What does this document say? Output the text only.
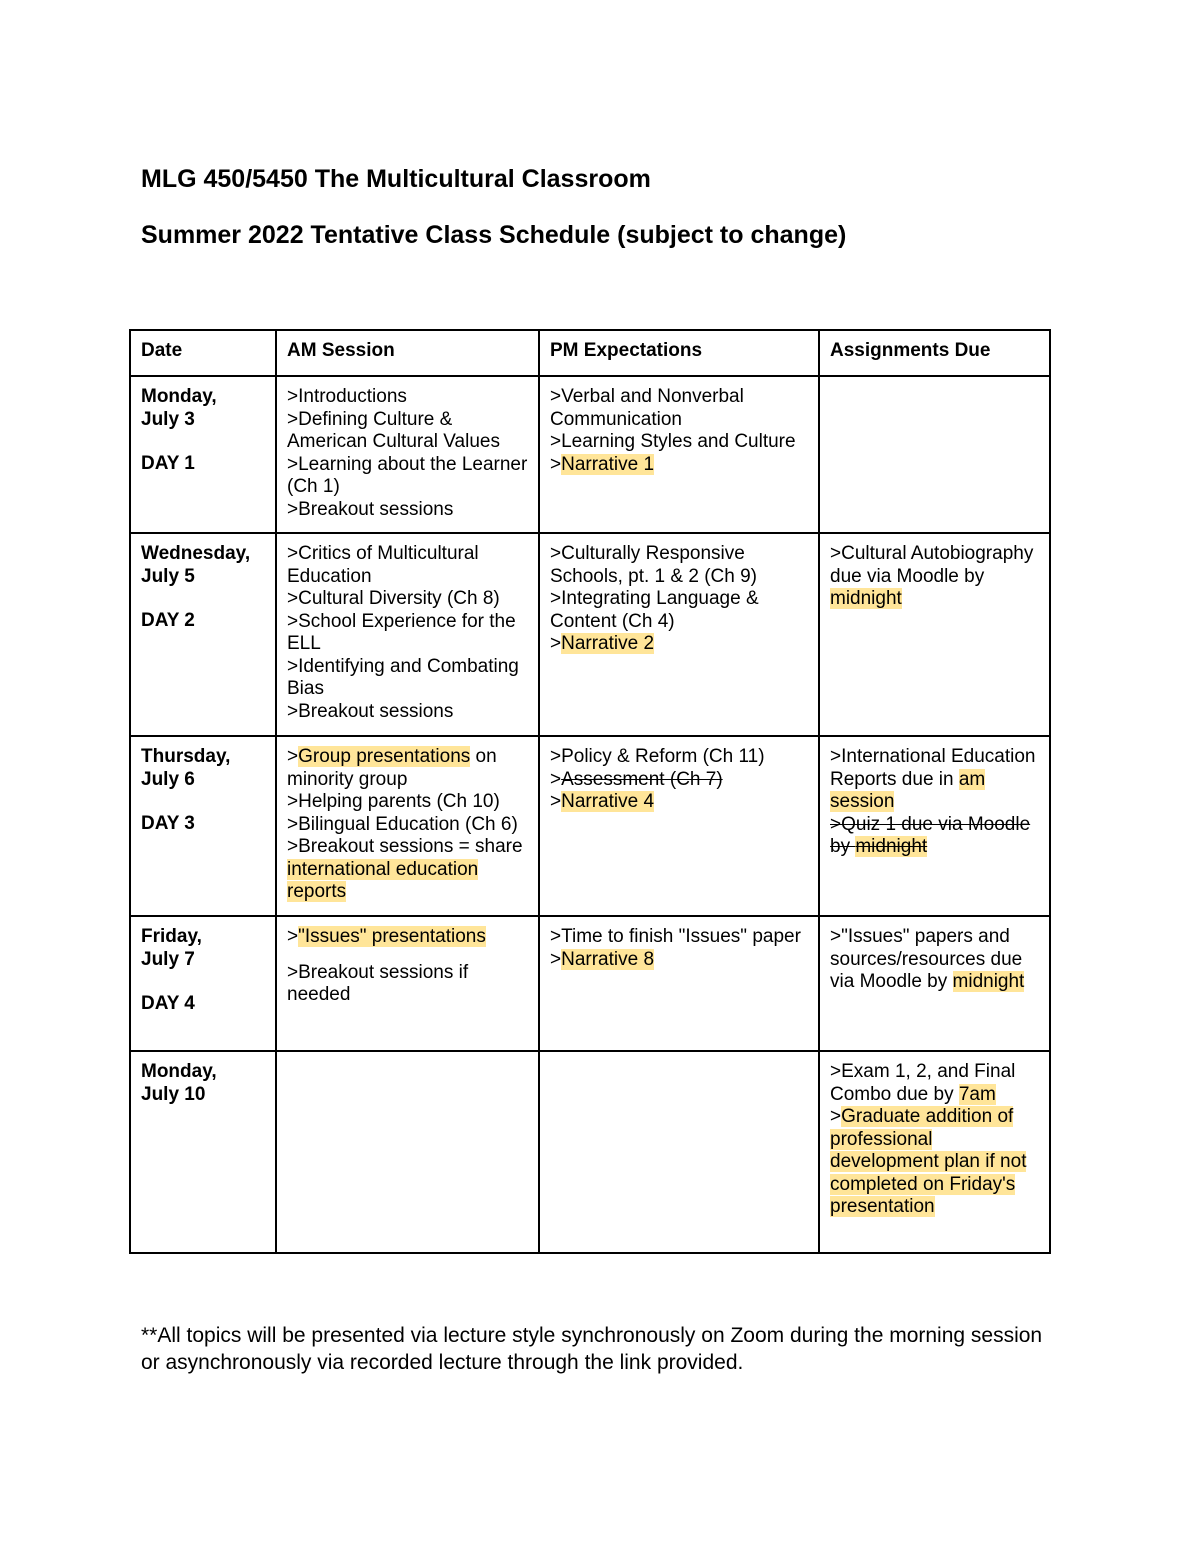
MLG 450/5450 The Multicultural Classroom
Summer 2022 Tentative Class Schedule (subject to change)
Date	AM Session	PM Expectations	Assignments Due

Monday,
July 3
DAY 1	>Introductions
>Defining Culture & American Cultural Values
>Learning about the Learner (Ch 1)
>Breakout sessions	>Verbal and Nonverbal Communication
>Learning Styles and Culture
>Narrative 1	

Wednesday,
July 5
DAY 2	>Critics of Multicultural Education
>Cultural Diversity (Ch 8)
>School Experience for the ELL
>Identifying and Combating Bias
>Breakout sessions	>Culturally Responsive Schools, pt. 1 & 2 (Ch 9)
>Integrating Language & Content (Ch 4)
>Narrative 2	>Cultural Autobiography due via Moodle by midnight

Thursday,
July 6
DAY 3	>Group presentations on minority group
>Helping parents (Ch 10)
>Bilingual Education (Ch 6)
>Breakout sessions = share international education reports	>Policy & Reform (Ch 11)
>Assessment (Ch 7)
>Narrative 4	>International Education Reports due in am session
>Quiz 1 due via Moodle by midnight

Friday,
July 7
DAY 4	>"Issues" presentations
>Breakout sessions if needed	>Time to finish "Issues" paper
>Narrative 8	>"Issues" papers and sources/resources due via Moodle by midnight

Monday,
July 10			>Exam 1, 2, and Final Combo due by 7am
>Graduate addition of professional development plan if not completed on Friday's presentation

**All topics will be presented via lecture style synchronously on Zoom during the morning session or asynchronously via recorded lecture through the link provided.
